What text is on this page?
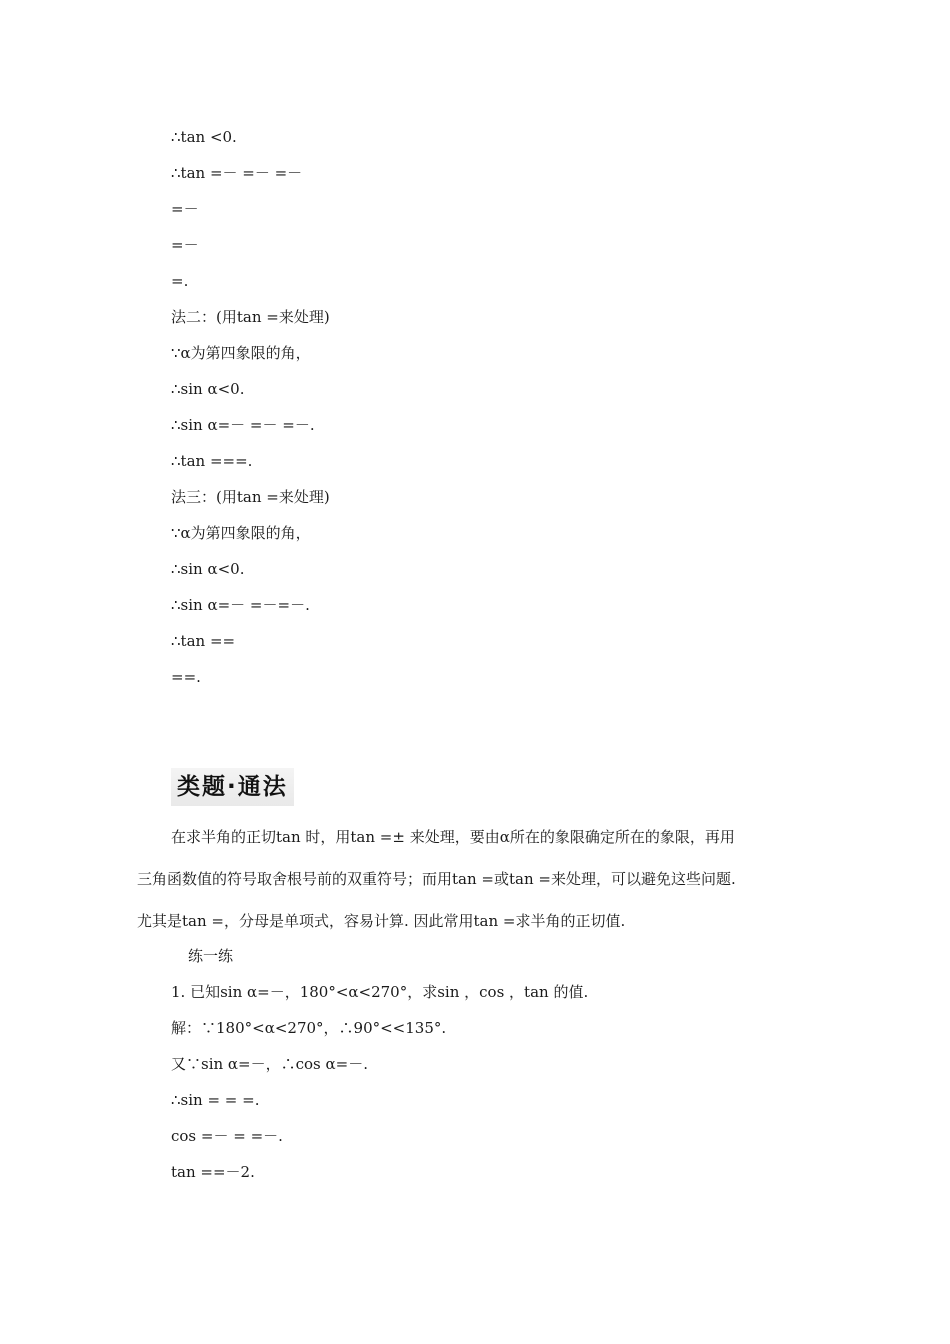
∴tan <0.
∴tan =－ =－ =－
=－
=－
=.
法二：(用tan =来处理)
∵α为第四象限的角，
∴sin α<0.
∴sin α=－ =－ =－.
∴tan ===.
法三：(用tan =来处理)
∵α为第四象限的角，
∴sin α<0.
∴sin α=－ =－=－.
∴tan ==
==.
类题·通法
在求半角的正切tan 时，用tan =± 来处理，要由α所在的象限确定所在的象限，再用
三角函数值的符号取舍根号前的双重符号；而用tan =或tan =来处理，可以避免这些问题.
尤其是tan =，分母是单项式，容易计算. 因此常用tan =求半角的正切值.
练一练
1. 已知sin α=－，180°<α<270°，求sin ，cos ，tan 的值.
解：∵180°<α<270°，∴90°<<135°.
又∵sin α=－，∴cos α=－.
∴sin = = =.
cos =－ = =－.
tan ==－2.
